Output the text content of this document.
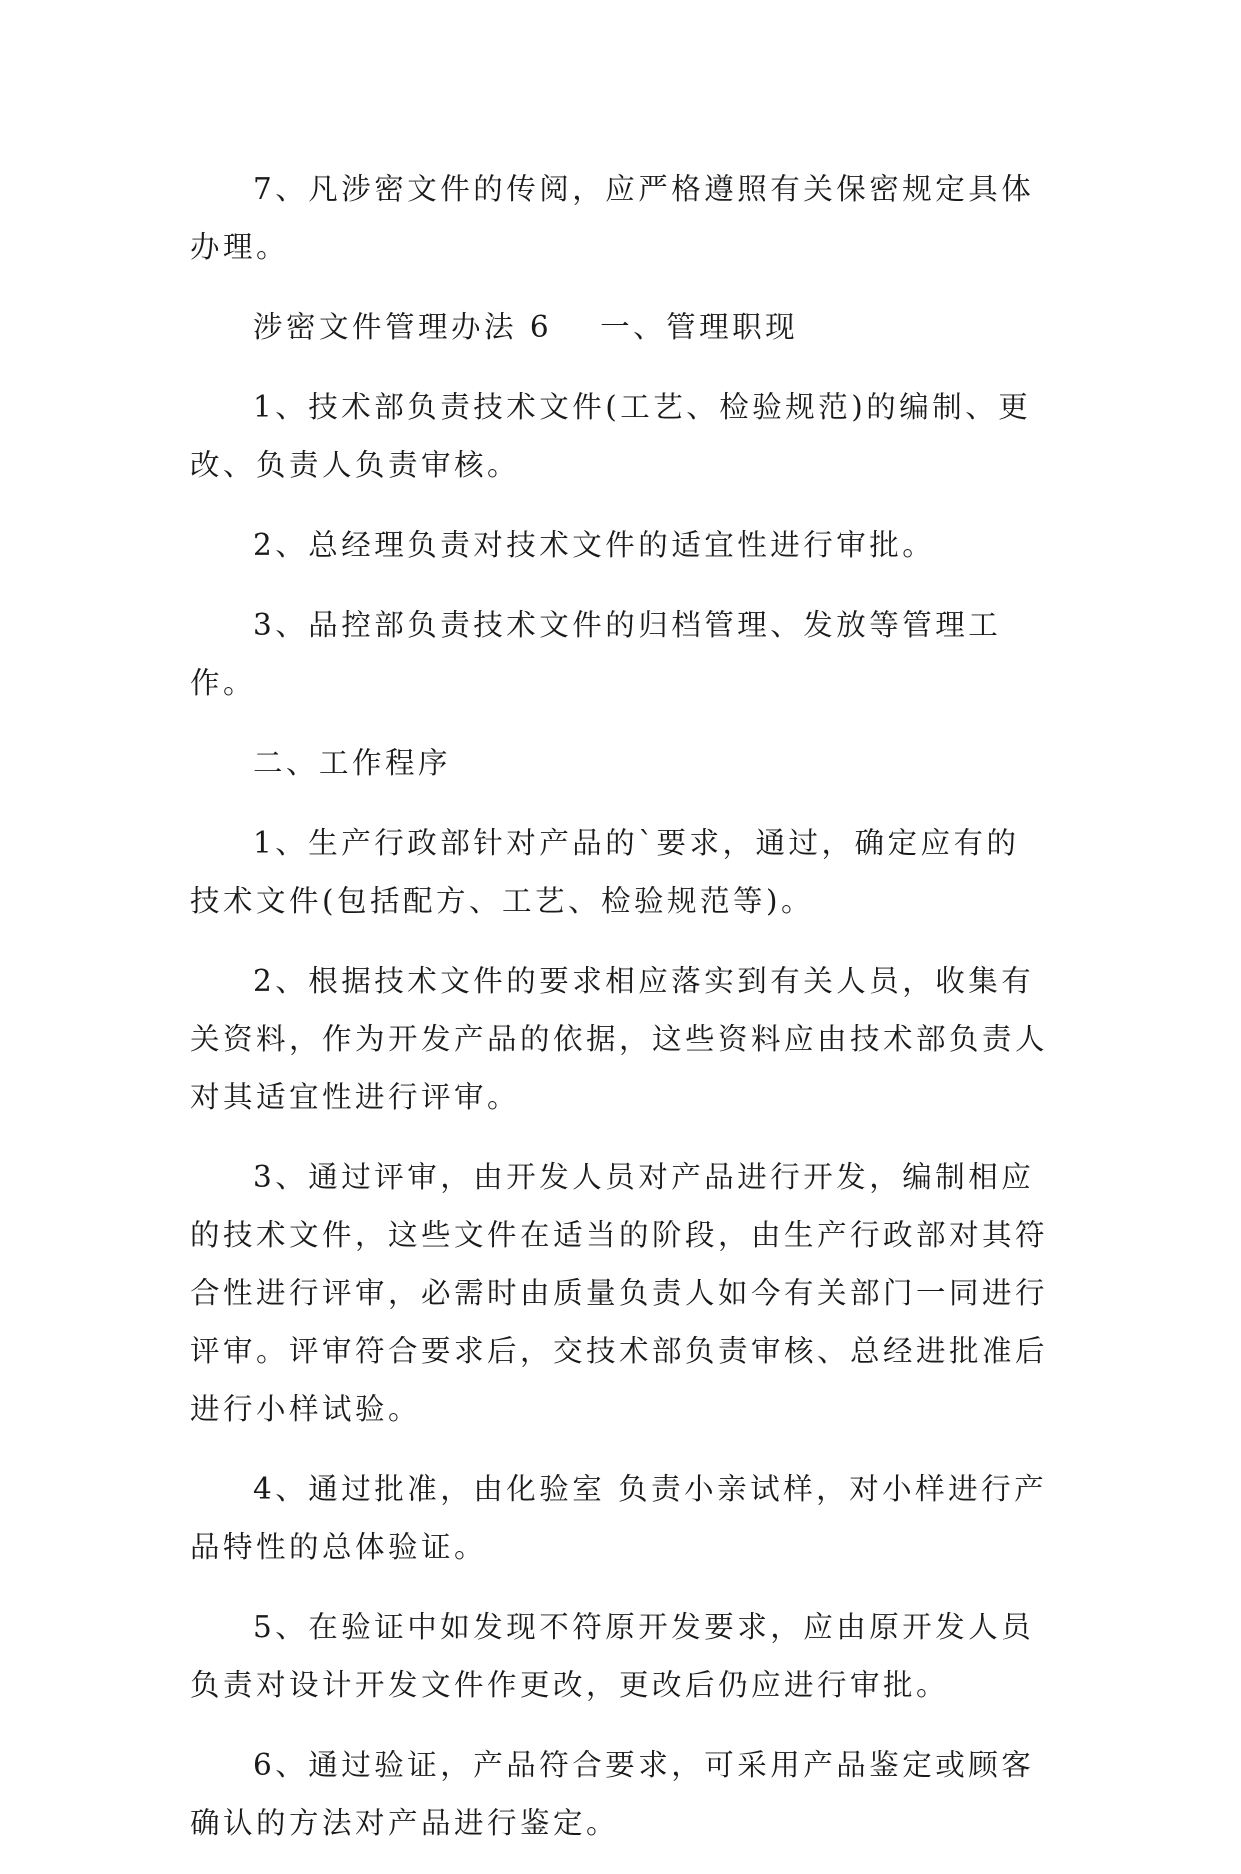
7、凡涉密文件的传阅，应严格遵照有关保密规定具体办理。

涉密文件管理办法 6 一、管理职现

1、技术部负责技术文件(工艺、检验规范)的编制、更改、负责人负责审核。

2、总经理负责对技术文件的适宜性进行审批。

3、品控部负责技术文件的归档管理、发放等管理工作。

二、工作程序

1、生产行政部针对产品的`要求，通过，确定应有的技术文件(包括配方、工艺、检验规范等)。

2、根据技术文件的要求相应落实到有关人员，收集有关资料，作为开发产品的依据，这些资料应由技术部负责人对其适宜性进行评审。

3、通过评审，由开发人员对产品进行开发，编制相应的技术文件，这些文件在适当的阶段，由生产行政部对其符合性进行评审，必需时由质量负责人如今有关部门一同进行评审。评审符合要求后，交技术部负责审核、总经进批准后进行小样试验。

4、通过批准，由化验室 负责小亲试样，对小样进行产品特性的总体验证。

5、在验证中如发现不符原开发要求，应由原开发人员负责对设计开发文件作更改，更改后仍应进行审批。

6、通过验证，产品符合要求，可采用产品鉴定或顾客确认的方法对产品进行鉴定。
